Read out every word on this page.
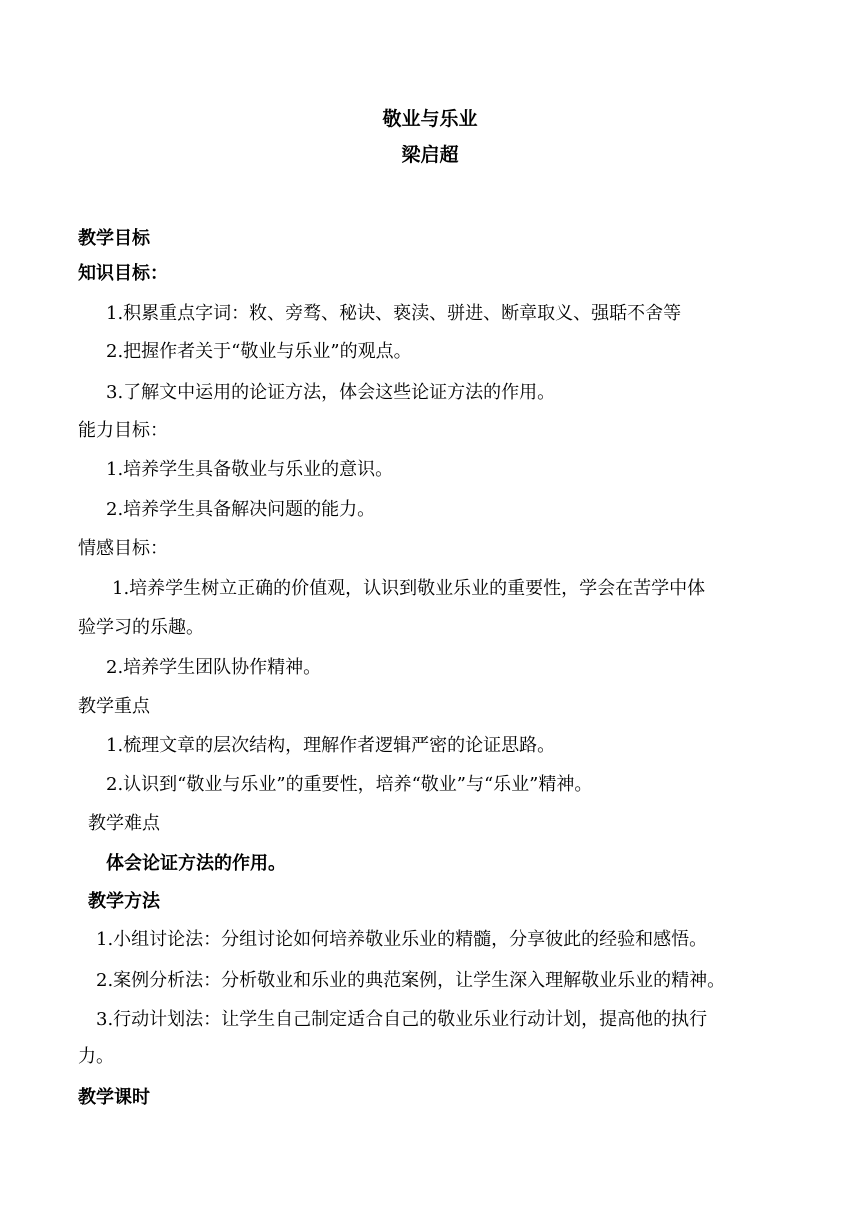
敬业与乐业
梁启超
教学目标
知识目标：
1.积累重点字词：敉、旁骛、秘诀、亵渎、骈进、断章取义、强聒不舍等
2.把握作者关于“敬业与乐业”的观点。
3.了解文中运用的论证方法，体会这些论证方法的作用。
能力目标：
1.培养学生具备敬业与乐业的意识。
2.培养学生具备解决问题的能力。
情感目标：
1.培养学生树立正确的价值观，认识到敬业乐业的重要性，学会在苦学中体
验学习的乐趣。
2.培养学生团队协作精神。
教学重点
1.梳理文章的层次结构，理解作者逻辑严密的论证思路。
2.认识到“敬业与乐业”的重要性，培养“敬业”与“乐业”精神。
教学难点
体会论证方法的作用。
教学方法
1.小组讨论法：分组讨论如何培养敬业乐业的精髓，分享彼此的经验和感悟。
2.案例分析法：分析敬业和乐业的典范案例，让学生深入理解敬业乐业的精神。
3.行动计划法：让学生自己制定适合自己的敬业乐业行动计划，提高他的执行
力。
教学课时
